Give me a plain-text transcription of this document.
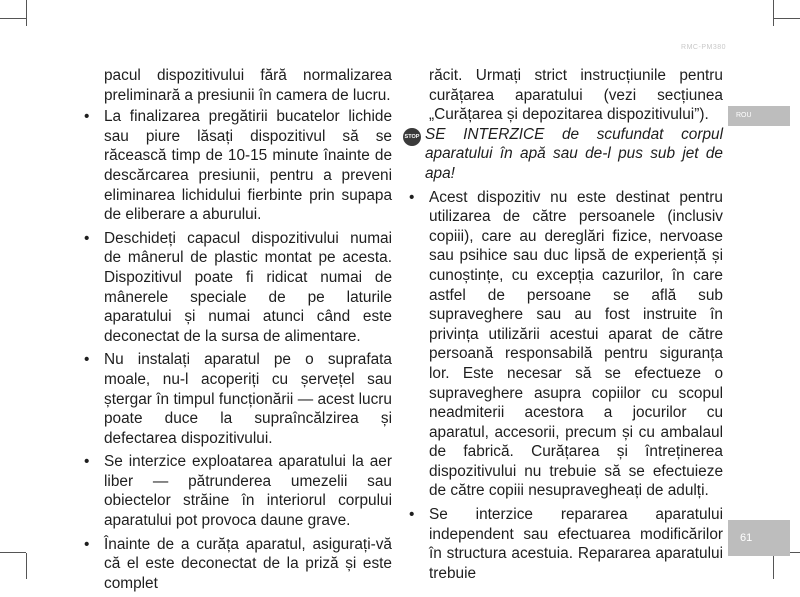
RMC-PM380
ROU
61

pacul dispozitivului fără normalizarea preliminară a presiunii în camera de lucru.

• La finalizarea pregătirii bucatelor lichide sau piure lăsați dispozitivul să se răcească timp de 10-15 minute înainte de descărcarea presiunii, pentru a preveni eliminarea lichidului fierbinte prin supapa de eliberare a aburului.
• Deschideți capacul dispozitivului numai de mânerul de plastic montat pe acesta. Dispozitivul poate fi ridicat numai de mânerele speciale de pe laturile aparatului și numai atunci când este deconectat de la sursa de alimentare.
• Nu instalați aparatul pe o suprafata moale, nu-l acoperiți cu șervețel sau ștergar în timpul funcționării — acest lucru poate duce la supraîncălzirea și defectarea dispozitivului.
• Se interzice exploatarea aparatului la aer liber — pătrunderea umezelii sau obiectelor străine în interiorul corpului aparatului pot provoca daune grave.
• Înainte de a curăța aparatul, asigurați-vă că el este deconectat de la priză și este complet

răcit. Urmați strict instrucțiunile pentru curățarea aparatului (vezi secțiunea „Curățarea și depozitarea dispozitivului”).

STOP SE INTERZICE de scufundat corpul aparatului în apă sau de-l pus sub jet de apa!
• Acest dispozitiv nu este destinat pentru utilizarea de către persoanele (inclusiv copiii), care au dereglări fizice, nervoase sau psihice sau duc lipsă de experiență și cunoștințe, cu excepția cazurilor, în care astfel de persoane se află sub supraveghere sau au fost instruite în privința utilizării acestui aparat de către persoană responsabilă pentru siguranța lor. Este necesar să se efectueze o supraveghere asupra copiilor cu scopul neadmiterii acestora a jocurilor cu aparatul, accesorii, precum și cu ambalaul de fabrică. Curățarea și întreținerea dispozitivului nu trebuie să se efectuieze de către copiii nesupravegheați de adulți.
• Se interzice repararea aparatului independent sau efectuarea modificărilor în structura acestuia. Repararea aparatului trebuie
